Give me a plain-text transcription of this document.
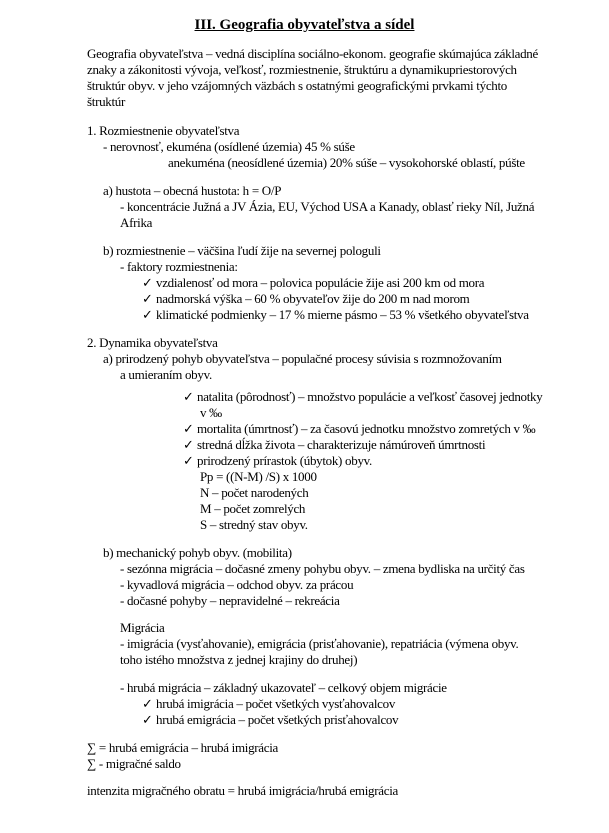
III. Geografia obyvateľstva a sídel
Geografia obyvateľstva – vedná disciplína sociálno-ekonom. geografie skúmajúca základné
znaky a zákonitosti vývoja, veľkosť, rozmiestnenie, štruktúru a dynamikupriestorových
štruktúr obyv. v jeho vzájomných väzbách s ostatnými geografickými prvkami týchto
štruktúr
1. Rozmiestnenie obyvateľstva
- nerovnosť, ekuména (osídlené územia) 45 % súše
anekuména (neosídlené územia) 20% súše – vysokohorské oblastí, púšte
a) hustota – obecná hustota: h = O/P
- koncentrácie Južná a JV Ázia, EU, Východ USA a Kanady, oblasť rieky Níl, Južná
Afrika
b) rozmiestnenie – väčšina ľudí žije na severnej pologuli
- faktory rozmiestnenia:
✓ vzdialenosť od mora – polovica populácie žije asi 200 km od mora
✓ nadmorská výška – 60 % obyvateľov žije do 200 m nad morom
✓ klimatické podmienky – 17 % mierne pásmo – 53 % všetkého obyvateľstva
2. Dynamika obyvateľstva
a) prirodzený pohyb obyvateľstva – populačné procesy súvisia s rozmnožovaním
a umieraním obyv.
✓ natalita (pôrodnosť) – množstvo populácie a veľkosť časovej jednotky
v ‰
✓ mortalita (úmrtnosť) – za časovú jednotku množstvo zomretých v ‰
✓ stredná dĺžka života – charakterizuje námúroveň úmrtnosti
✓ prirodzený prírastok (úbytok) obyv.
Pp = ((N-M) /S) x 1000
N – počet narodených
M – počet zomrelých
S – stredný stav obyv.
b) mechanický pohyb obyv. (mobilita)
- sezónna migrácia – dočasné zmeny pohybu obyv. – zmena bydliska na určitý čas
- kyvadlová migrácia – odchod obyv. za prácou
- dočasné pohyby – nepravidelné – rekreácia
Migrácia
- imigrácia (vysťahovanie), emigrácia (prisťahovanie), repatriácia (výmena obyv.
toho istého množstva z jednej krajiny do druhej)
- hrubá migrácia – základný ukazovateľ – celkový objem migrácie
✓ hrubá imigrácia – počet všetkých vysťahovalcov
✓ hrubá emigrácia – počet všetkých prisťahovalcov
∑ = hrubá emigrácia – hrubá imigrácia
∑ - migračné saldo
intenzita migračného obratu = hrubá imigrácia/hrubá emigrácia
